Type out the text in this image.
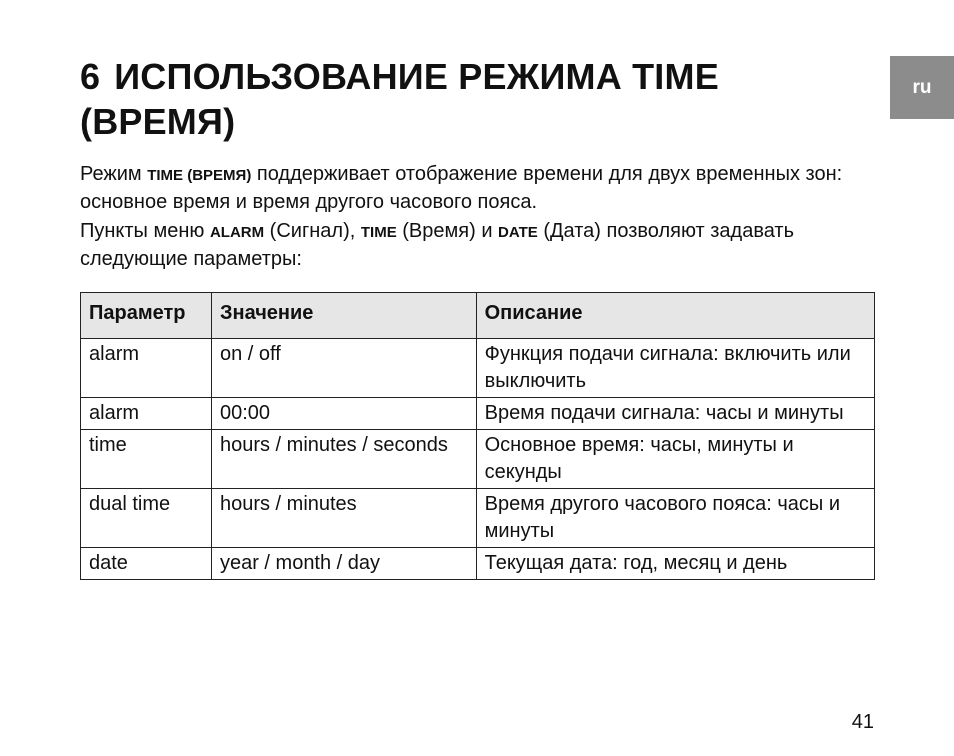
ru
6 ИСПОЛЬЗОВАНИЕ РЕЖИМА TIME
(ВРЕМЯ)

Режим TIME (ВРЕМЯ) поддерживает отображение времени для двух временных зон: основное время и время другого часового пояса.

Пункты меню ALARM (Сигнал), TIME (Время) и DATE (Дата) позволяют задавать следующие параметры:

Параметр	Значение	Описание
alarm	on / off	Функция подачи сигнала: включить или выключить
alarm	00:00	Время подачи сигнала: часы и минуты
time	hours / minutes / seconds	Основное время: часы, минуты и секунды
dual time	hours / minutes	Время другого часового пояса: часы и минуты
date	year / month / day	Текущая дата: год, месяц и день
41
